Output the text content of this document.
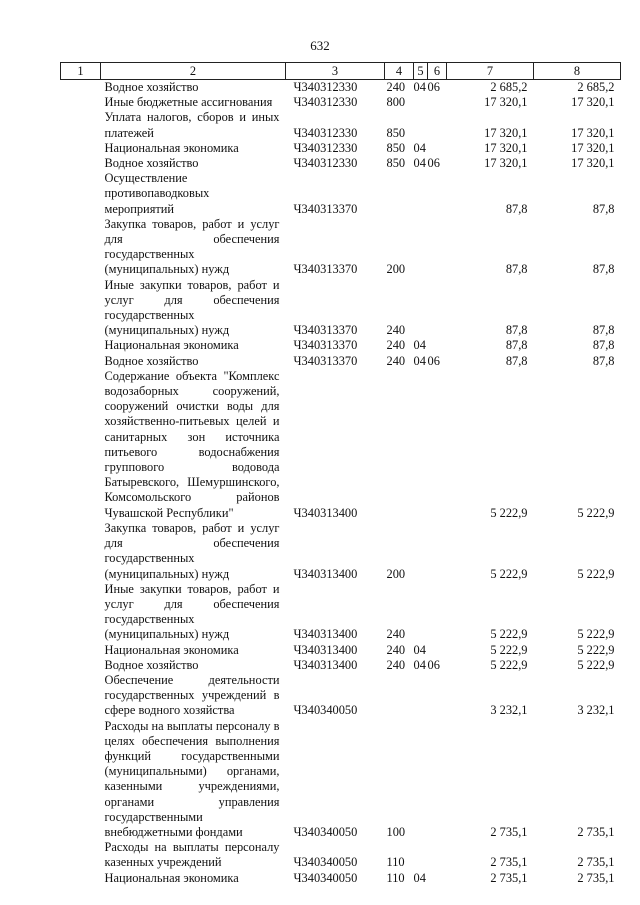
632
1	2	3	4	5	6	7	8
	Водное хозяйство	Ч340312330	240	04	06	2 685,2	2 685,2
	Иные бюджетные ассигнования	Ч340312330	800			17 320,1	17 320,1
	Уплата налогов, сборов и иных платежей	Ч340312330	850			17 320,1	17 320,1
	Национальная экономика	Ч340312330	850	04		17 320,1	17 320,1
	Водное хозяйство	Ч340312330	850	04	06	17 320,1	17 320,1
	Осуществление противопаводковых мероприятий	Ч340313370				87,8	87,8
	Закупка товаров, работ и услуг для обеспечения государственных (муниципальных) нужд	Ч340313370	200			87,8	87,8
	Иные закупки товаров, работ и услуг для обеспечения государственных (муниципальных) нужд	Ч340313370	240			87,8	87,8
	Национальная экономика	Ч340313370	240	04		87,8	87,8
	Водное хозяйство	Ч340313370	240	04	06	87,8	87,8
	Содержание объекта "Комплекс водозаборных сооружений, сооружений очистки воды для хозяйственно-питьевых целей и санитарных зон источника питьевого водоснабжения группового водовода Батыревского, Шемуршинского, Комсомольского районов Чувашской Республики"	Ч340313400				5 222,9	5 222,9
	Закупка товаров, работ и услуг для обеспечения государственных (муниципальных) нужд	Ч340313400	200			5 222,9	5 222,9
	Иные закупки товаров, работ и услуг для обеспечения государственных (муниципальных) нужд	Ч340313400	240			5 222,9	5 222,9
	Национальная экономика	Ч340313400	240	04		5 222,9	5 222,9
	Водное хозяйство	Ч340313400	240	04	06	5 222,9	5 222,9
	Обеспечение деятельности государственных учреждений в сфере водного хозяйства	Ч340340050				3 232,1	3 232,1
	Расходы на выплаты персоналу в целях обеспечения выполнения функций государственными (муниципальными) органами, казенными учреждениями, органами управления государственными внебюджетными фондами	Ч340340050	100			2 735,1	2 735,1
	Расходы на выплаты персоналу казенных учреждений	Ч340340050	110			2 735,1	2 735,1
	Национальная экономика	Ч340340050	110	04		2 735,1	2 735,1
